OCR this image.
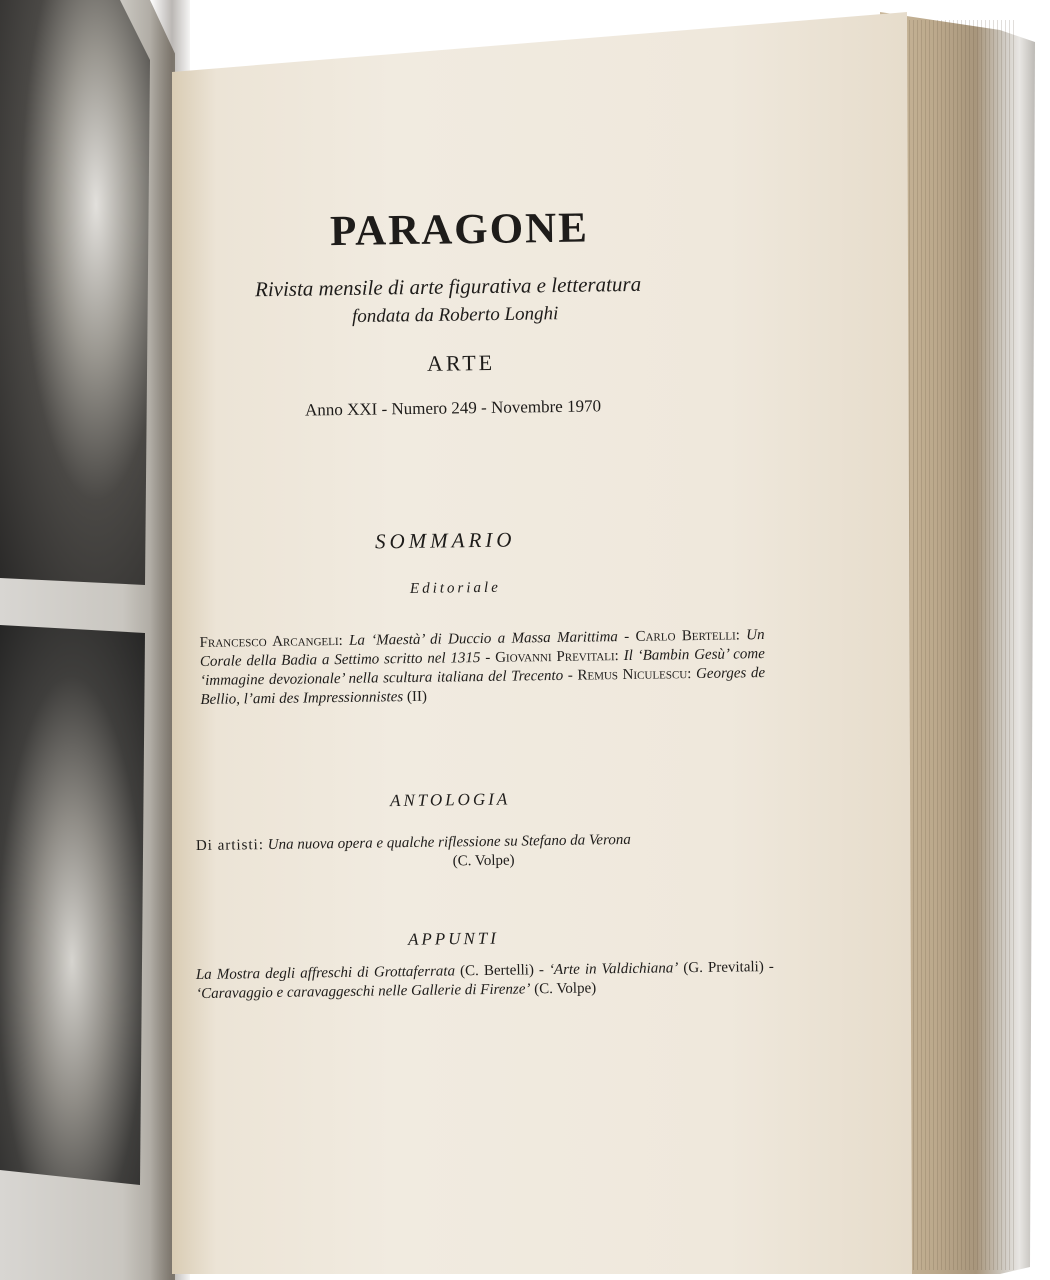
PARAGONE
Rivista mensile di arte figurativa e letteratura
fondata da Roberto Longhi
ARTE
Anno XXI - Numero 249 - Novembre 1970
SOMMARIO
Editoriale
Francesco Arcangeli: La ‘Maestà’ di Duccio a Massa Marittima - Carlo Bertelli: Un Corale della Badia a Settimo scritto nel 1315 - Giovanni Previtali: Il ‘Bambin Gesù’ come ‘immagine devozionale’ nella scultura italiana del Trecento - Remus Niculescu: Georges de Bellio, l’ami des Impressionnistes (II)
ANTOLOGIA
Di artisti: Una nuova opera e qualche riflessione su Stefano da Verona
(C. Volpe)
APPUNTI
La Mostra degli affreschi di Grottaferrata (C. Bertelli) - ‘Arte in Valdichiana’ (G. Previtali) - ‘Caravaggio e caravaggeschi nelle Gallerie di Firenze’ (C. Volpe)
